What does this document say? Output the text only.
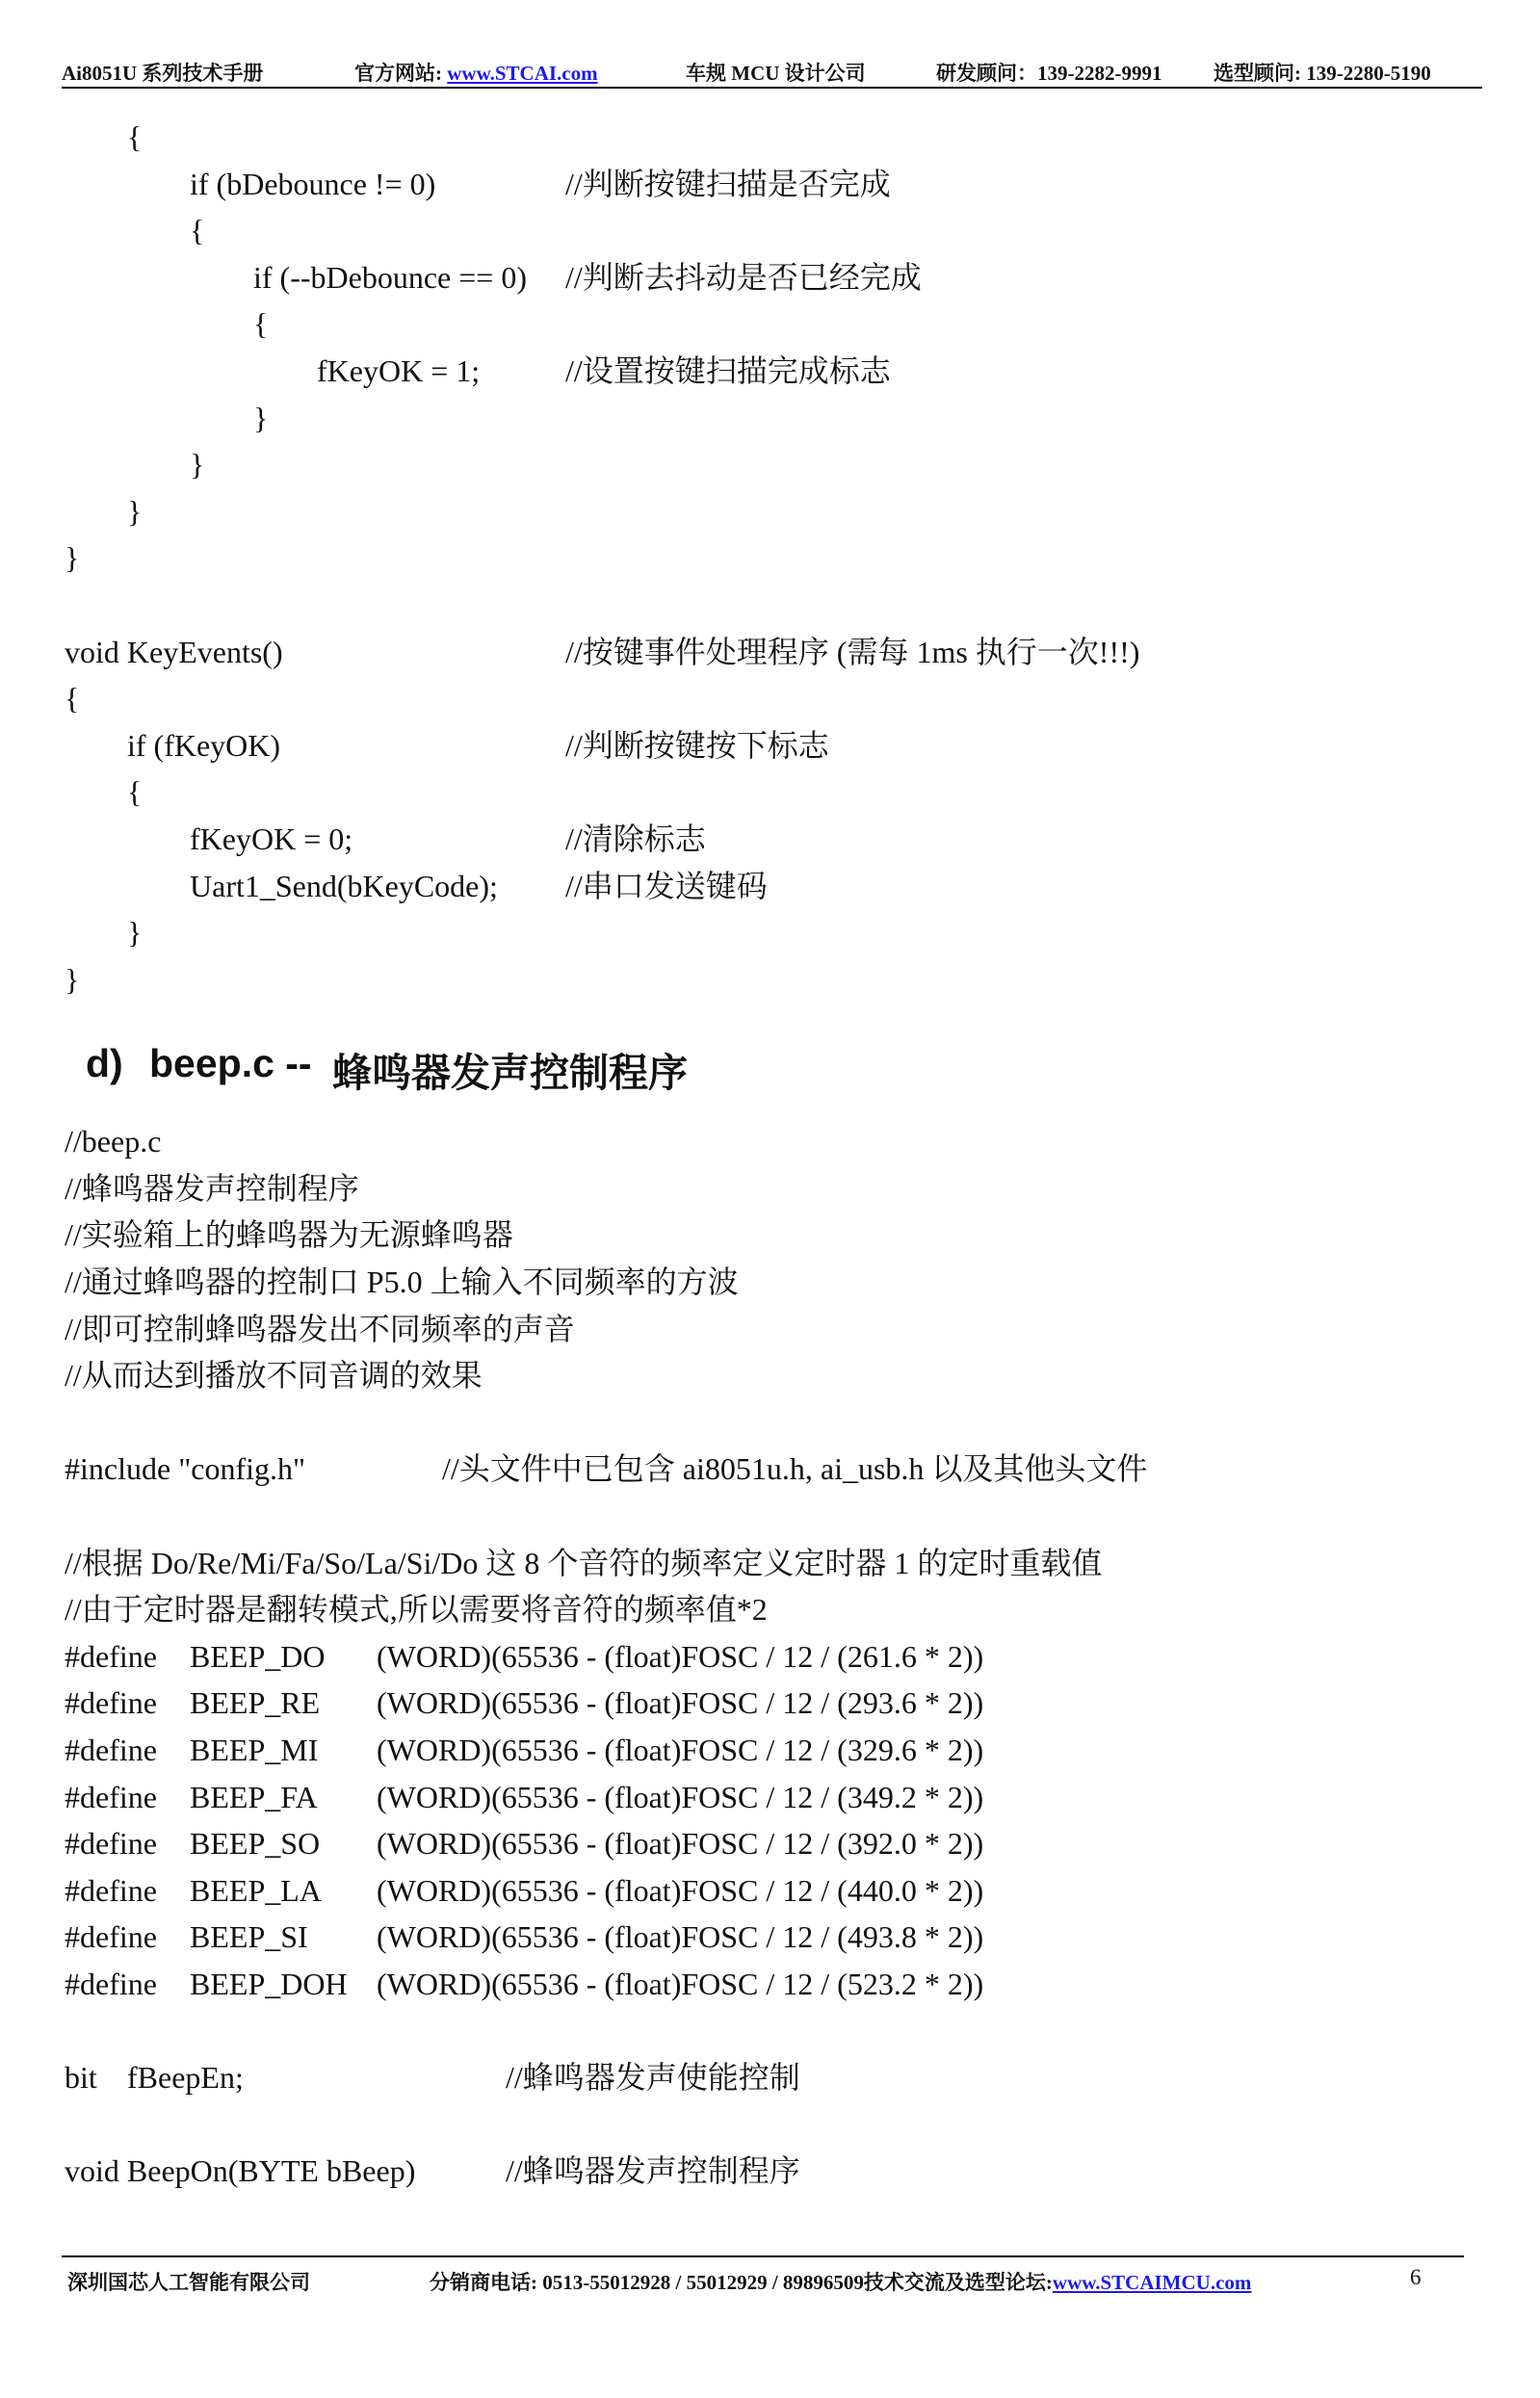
Ai8051U 系列技术手册	官方网站: www.STCAI.com	车规 MCU 设计公司	研发顾问：139-2282-9991	选型顾问: 139-2280-5190
{
if (bDebounce != 0)	//判断按键扫描是否完成
{
if (--bDebounce == 0) //判断去抖动是否已经完成
{
fKeyOK = 1;	//设置按键扫描完成标志
}
}
}
}
void KeyEvents()	//按键事件处理程序 (需每 1ms 执行一次!!!)
{
if (fKeyOK)	//判断按键按下标志
{
fKeyOK = 0;	//清除标志
Uart1_Send(bKeyCode); //串口发送键码
}
}
d) beep.c -- 蜂鸣器发声控制程序
//beep.c
//蜂鸣器发声控制程序
//实验箱上的蜂鸣器为无源蜂鸣器
//通过蜂鸣器的控制口 P5.0 上输入不同频率的方波
//即可控制蜂鸣器发出不同频率的声音
//从而达到播放不同音调的效果
#include "config.h"	//头文件中已包含 ai8051u.h, ai_usb.h 以及其他头文件
//根据 Do/Re/Mi/Fa/So/La/Si/Do 这 8 个音符的频率定义定时器 1 的定时重载值
//由于定时器是翻转模式,所以需要将音符的频率值*2
#define BEEP_DO (WORD)(65536 - (float)FOSC / 12 / (261.6 * 2))
#define BEEP_RE (WORD)(65536 - (float)FOSC / 12 / (293.6 * 2))
#define BEEP_MI (WORD)(65536 - (float)FOSC / 12 / (329.6 * 2))
#define BEEP_FA (WORD)(65536 - (float)FOSC / 12 / (349.2 * 2))
#define BEEP_SO (WORD)(65536 - (float)FOSC / 12 / (392.0 * 2))
#define BEEP_LA (WORD)(65536 - (float)FOSC / 12 / (440.0 * 2))
#define BEEP_SI (WORD)(65536 - (float)FOSC / 12 / (493.8 * 2))
#define BEEP_DOH (WORD)(65536 - (float)FOSC / 12 / (523.2 * 2))
bit fBeepEn;	//蜂鸣器发声使能控制
void BeepOn(BYTE bBeep)	//蜂鸣器发声控制程序
深圳国芯人工智能有限公司	分销商电话: 0513-55012928 / 55012929 / 89896509技术交流及选型论坛:www.STCAIMCU.com	6
